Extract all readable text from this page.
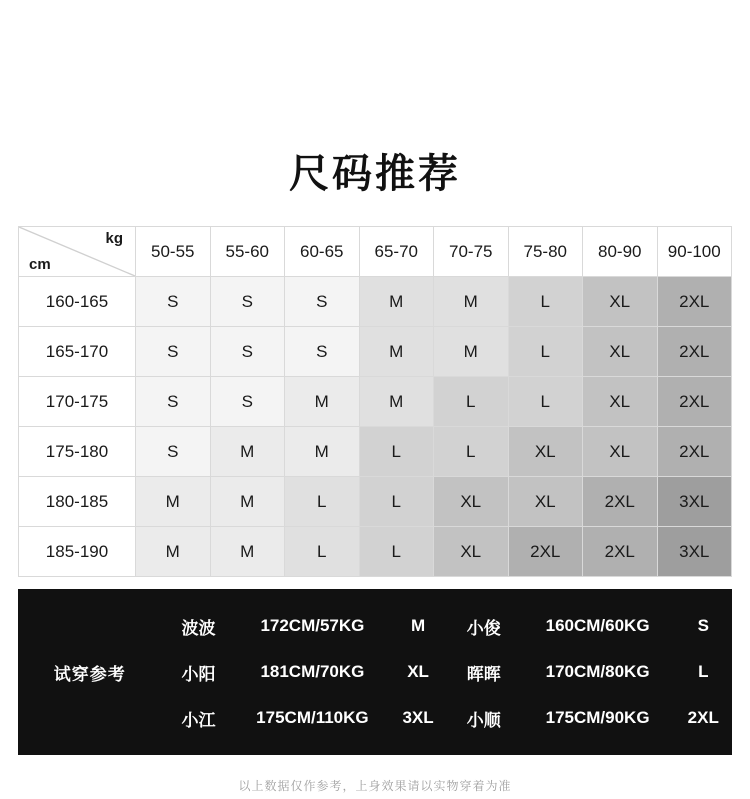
尺码推荐
kg
cm	50-55	55-60	60-65	65-70	70-75	75-80	80-90	90-100
160-165	S	S	S	M	M	L	XL	2XL
165-170	S	S	S	M	M	L	XL	2XL
170-175	S	S	M	M	L	L	XL	2XL
175-180	S	M	M	L	L	XL	XL	2XL
180-185	M	M	L	L	XL	XL	2XL	3XL
185-190	M	M	L	L	XL	2XL	2XL	3XL
试穿参考	波波	172CM/57KG	M	小俊	160CM/60KG	S
	小阳	181CM/70KG	XL	晖晖	170CM/80KG	L
	小江	175CM/110KG	3XL	小顺	175CM/90KG	2XL
以上数据仅作参考，上身效果请以实物穿着为准
